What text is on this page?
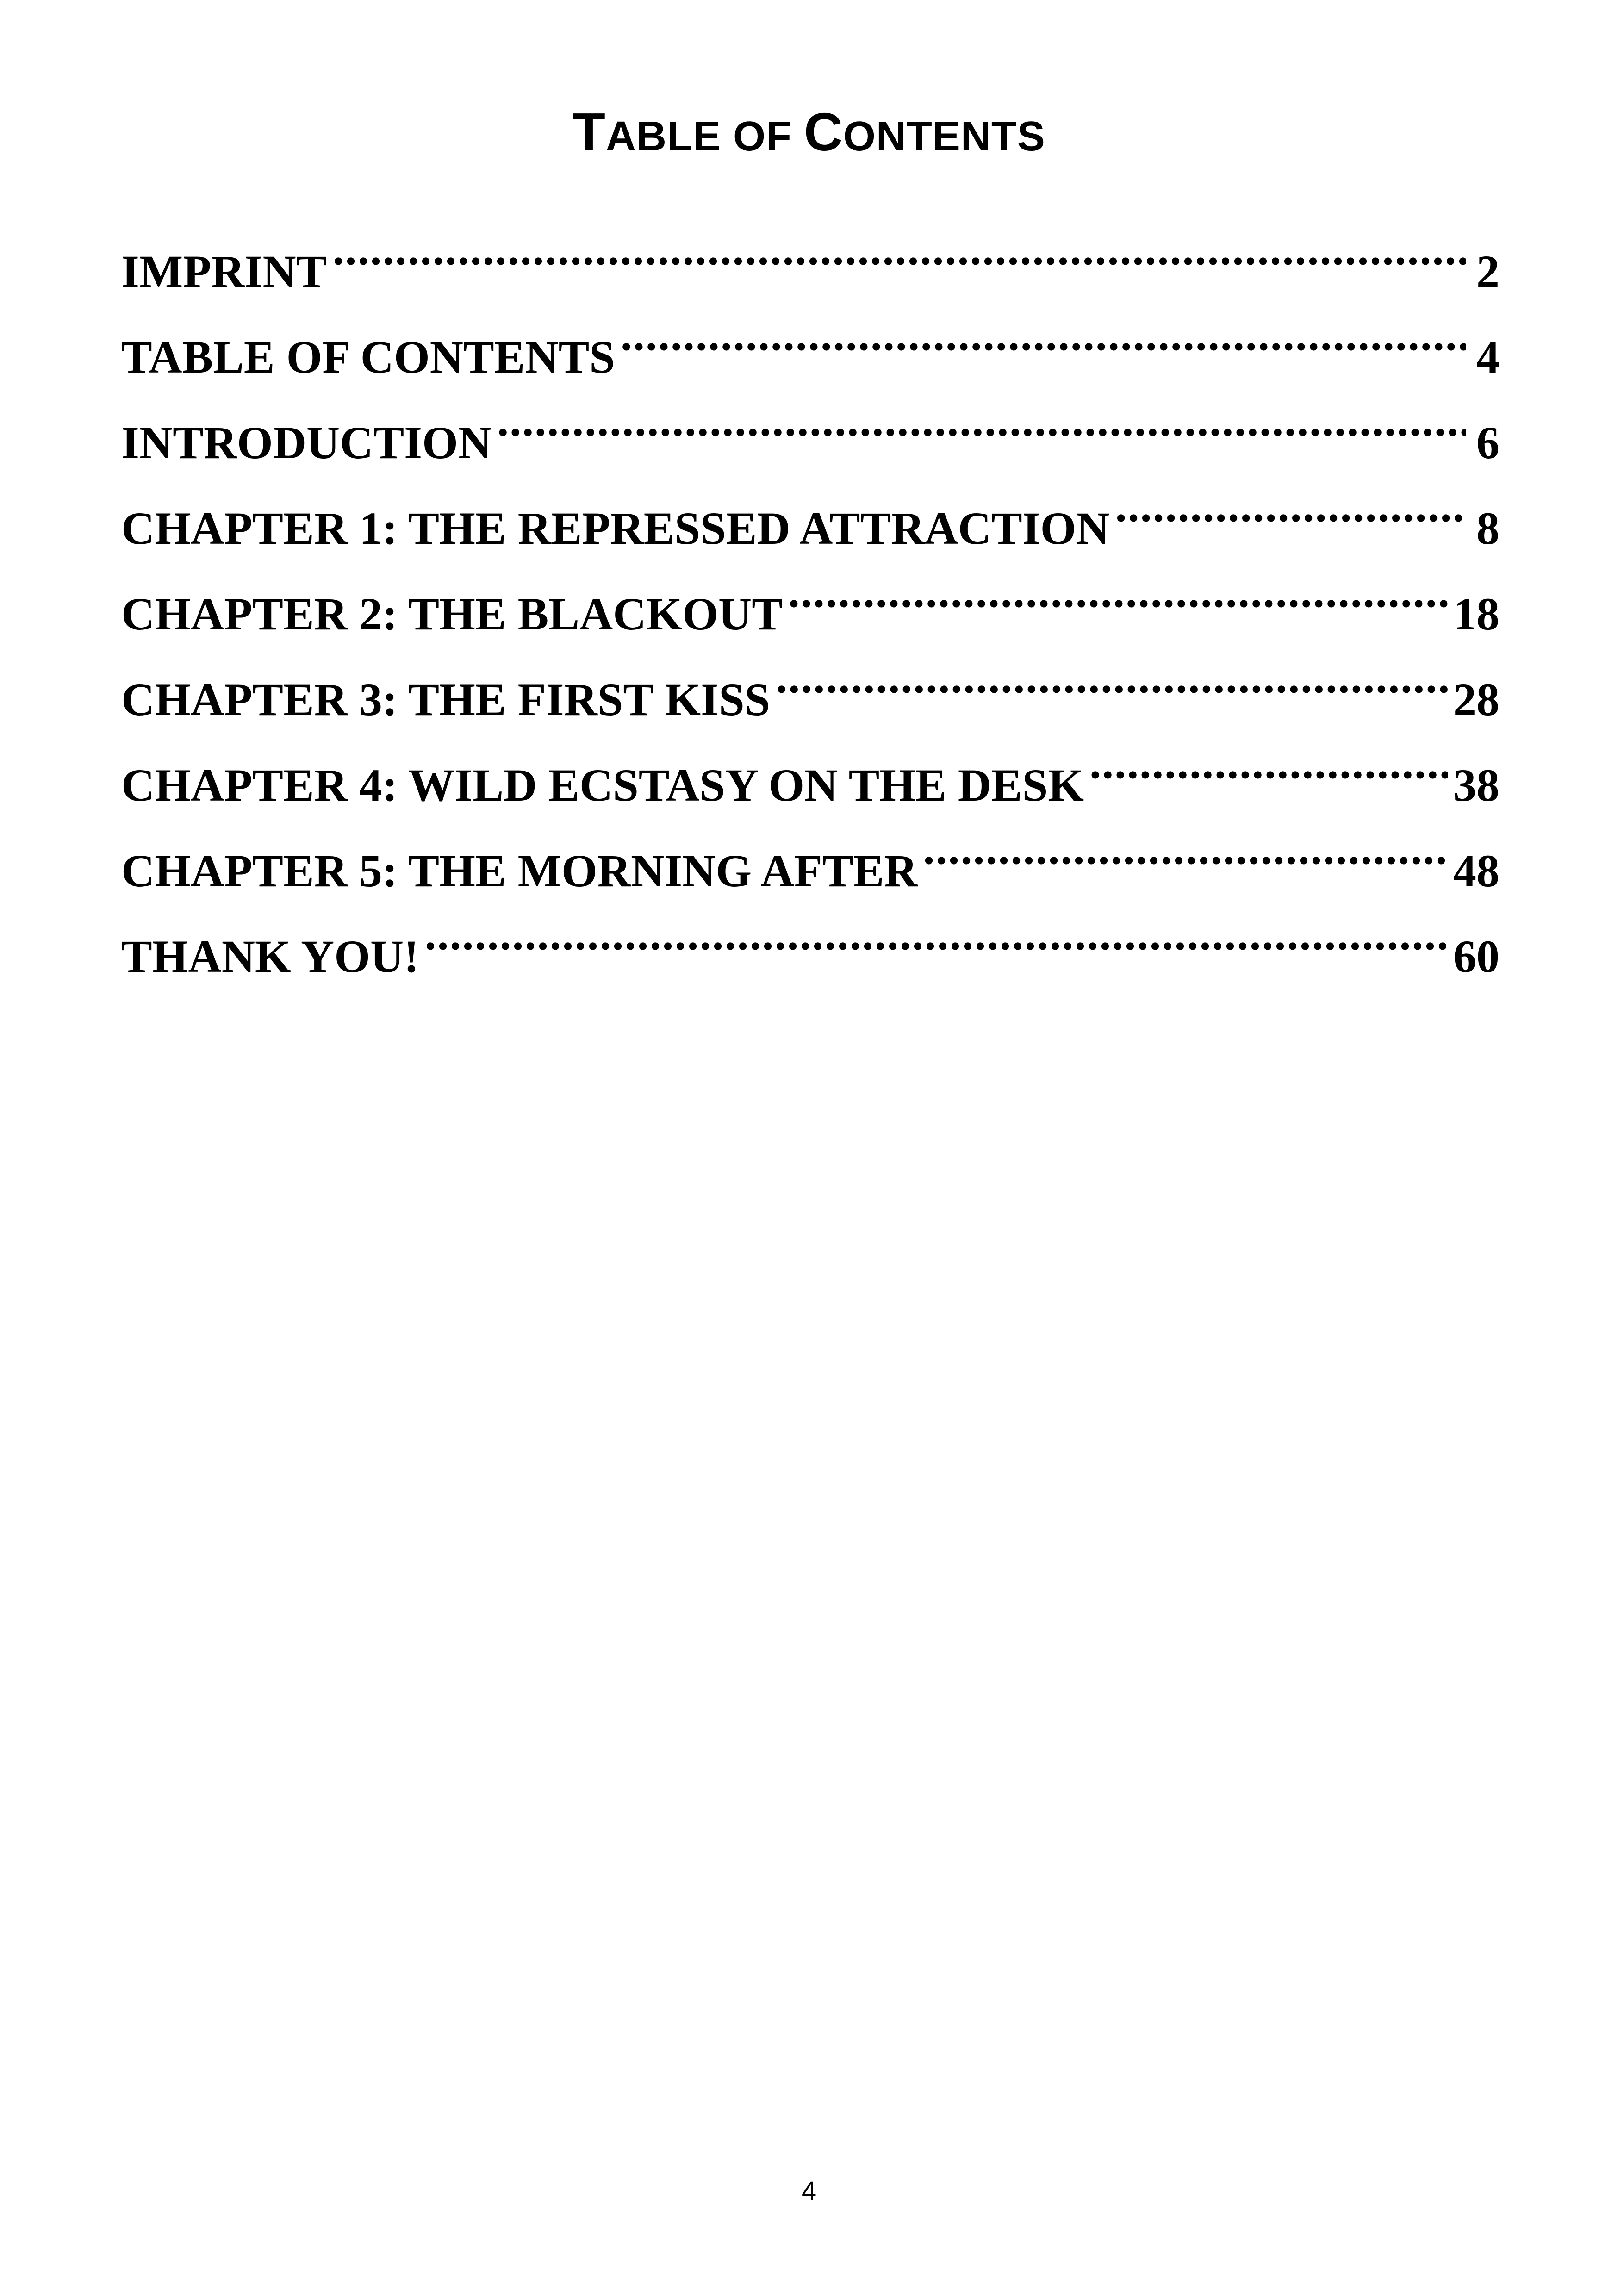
TABLE OF CONTENTS
IMPRINT .....	2
TABLE OF CONTENTS .....	4
INTRODUCTION .....	6
CHAPTER 1: THE REPRESSED ATTRACTION .....	8
CHAPTER 2: THE BLACKOUT .....	18
CHAPTER 3: THE FIRST KISS .....	28
CHAPTER 4: WILD ECSTASY ON THE DESK .....	38
CHAPTER 5: THE MORNING AFTER .....	48
THANK YOU! .....	60
4
